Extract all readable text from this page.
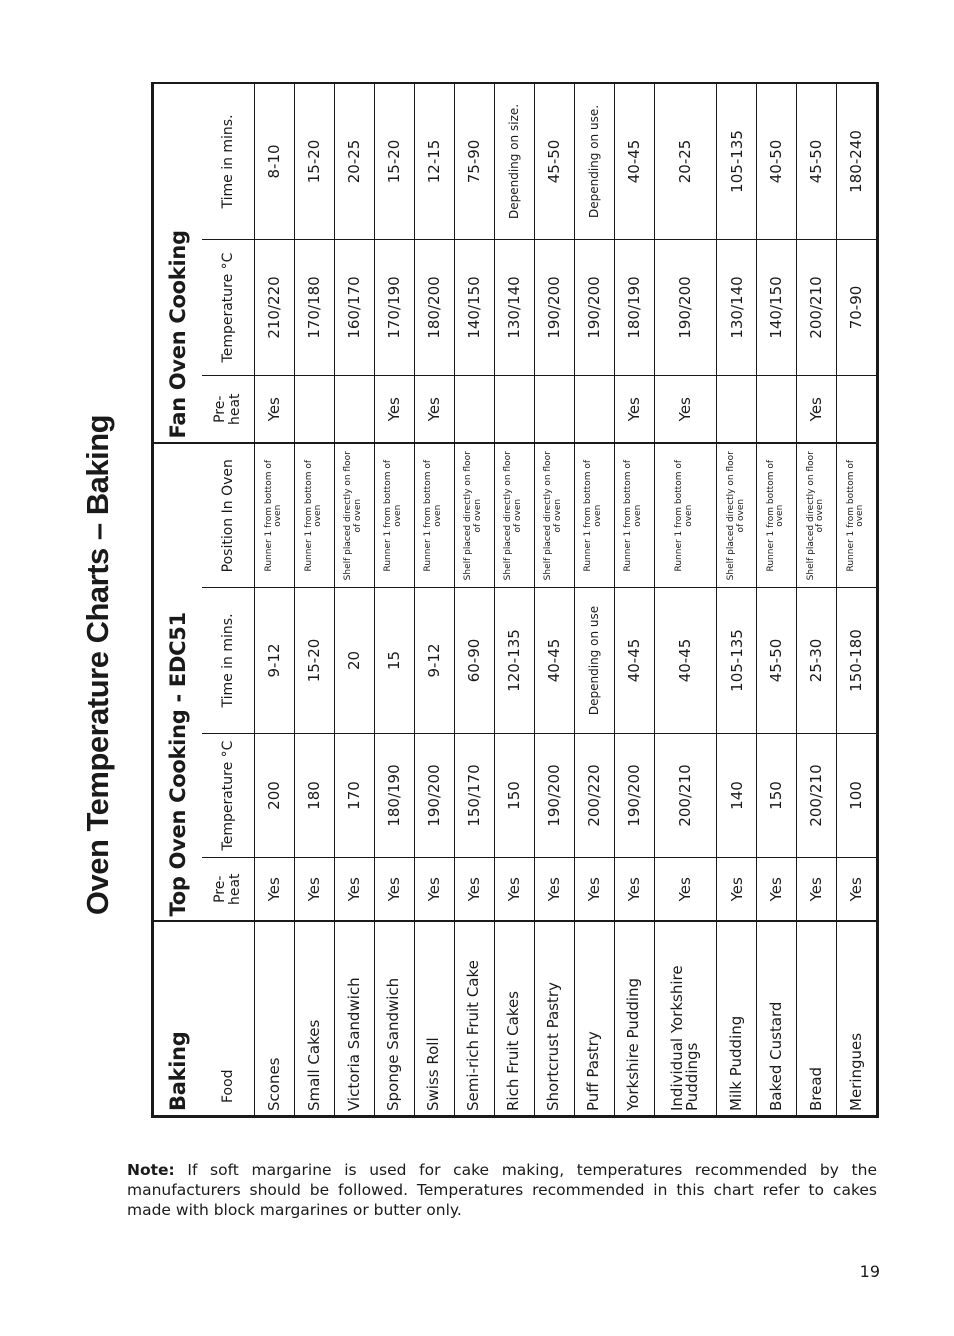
Oven Temperature Charts – Baking
Baking	Top Oven Cooking - EDC51				Fan Oven Cooking		
Food	Pre-heat	Temperature °C	Time in mins.	Position In Oven	Pre-heat	Temperature °C	Time in mins.
Scones	Yes	200	9-12	Runner 1 from bottom of oven	Yes	210/220	8-10
Small Cakes	Yes	180	15-20	Runner 1 from bottom of oven		170/180	15-20
Victoria Sandwich	Yes	170	20	Shelf placed directly on floor of oven		160/170	20-25
Sponge Sandwich	Yes	180/190	15	Runner 1 from bottom of oven	Yes	170/190	15-20
Swiss Roll	Yes	190/200	9-12	Runner 1 from bottom of oven	Yes	180/200	12-15
Semi-rich Fruit Cake	Yes	150/170	60-90	Shelf placed directly on floor of oven		140/150	75-90
Rich Fruit Cakes	Yes	150	120-135	Shelf placed directly on floor of oven		130/140	Depending on size.
Shortcrust Pastry	Yes	190/200	40-45	Shelf placed directly on floor of oven		190/200	45-50
Puff Pastry	Yes	200/220	Depending on use	Runner 1 from bottom of oven		190/200	Depending on use.
Yorkshire Pudding	Yes	190/200	40-45	Runner 1 from bottom of oven	Yes	180/190	40-45
Individual Yorkshire Puddings	Yes	200/210	40-45	Runner 1 from bottom of oven	Yes	190/200	20-25
Milk Pudding	Yes	140	105-135	Shelf placed directly on floor of oven		130/140	105-135
Baked Custard	Yes	150	45-50	Runner 1 from bottom of oven		140/150	40-50
Bread	Yes	200/210	25-30	Shelf placed directly on floor of oven	Yes	200/210	45-50
Meringues	Yes	100	150-180	Runner 1 from bottom of oven		70-90	180-240
Note: If soft margarine is used for cake making, temperatures recommended by the manufacturers should be followed. Temperatures recommended in this chart refer to cakes made with block margarines or butter only.
19
